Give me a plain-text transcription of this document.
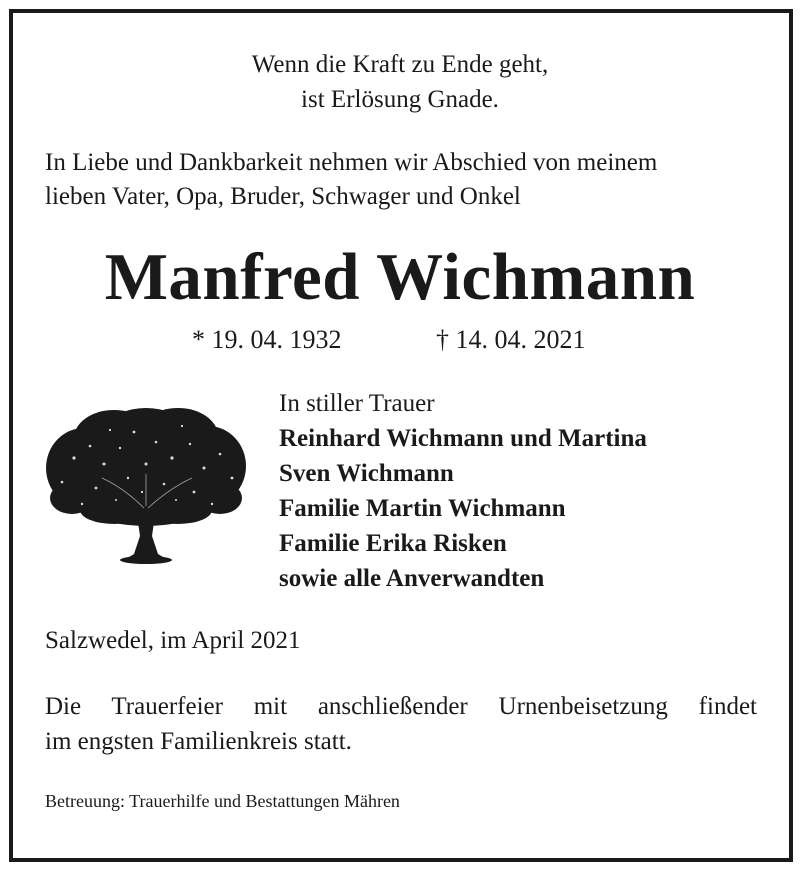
Wenn die Kraft zu Ende geht,
ist Erlösung Gnade.
In Liebe und Dankbarkeit nehmen wir Abschied von meinem
lieben Vater, Opa, Bruder, Schwager und Onkel
Manfred Wichmann
* 19. 04. 1932	† 14. 04. 2021
In stiller Trauer
Reinhard Wichmann und Martina
Sven Wichmann
Familie Martin Wichmann
Familie Erika Risken
sowie alle Anverwandten
Salzwedel, im April 2021
Die Trauerfeier mit anschließender Urnenbeisetzung findet
im engsten Familienkreis statt.
Betreuung: Trauerhilfe und Bestattungen Mähren
